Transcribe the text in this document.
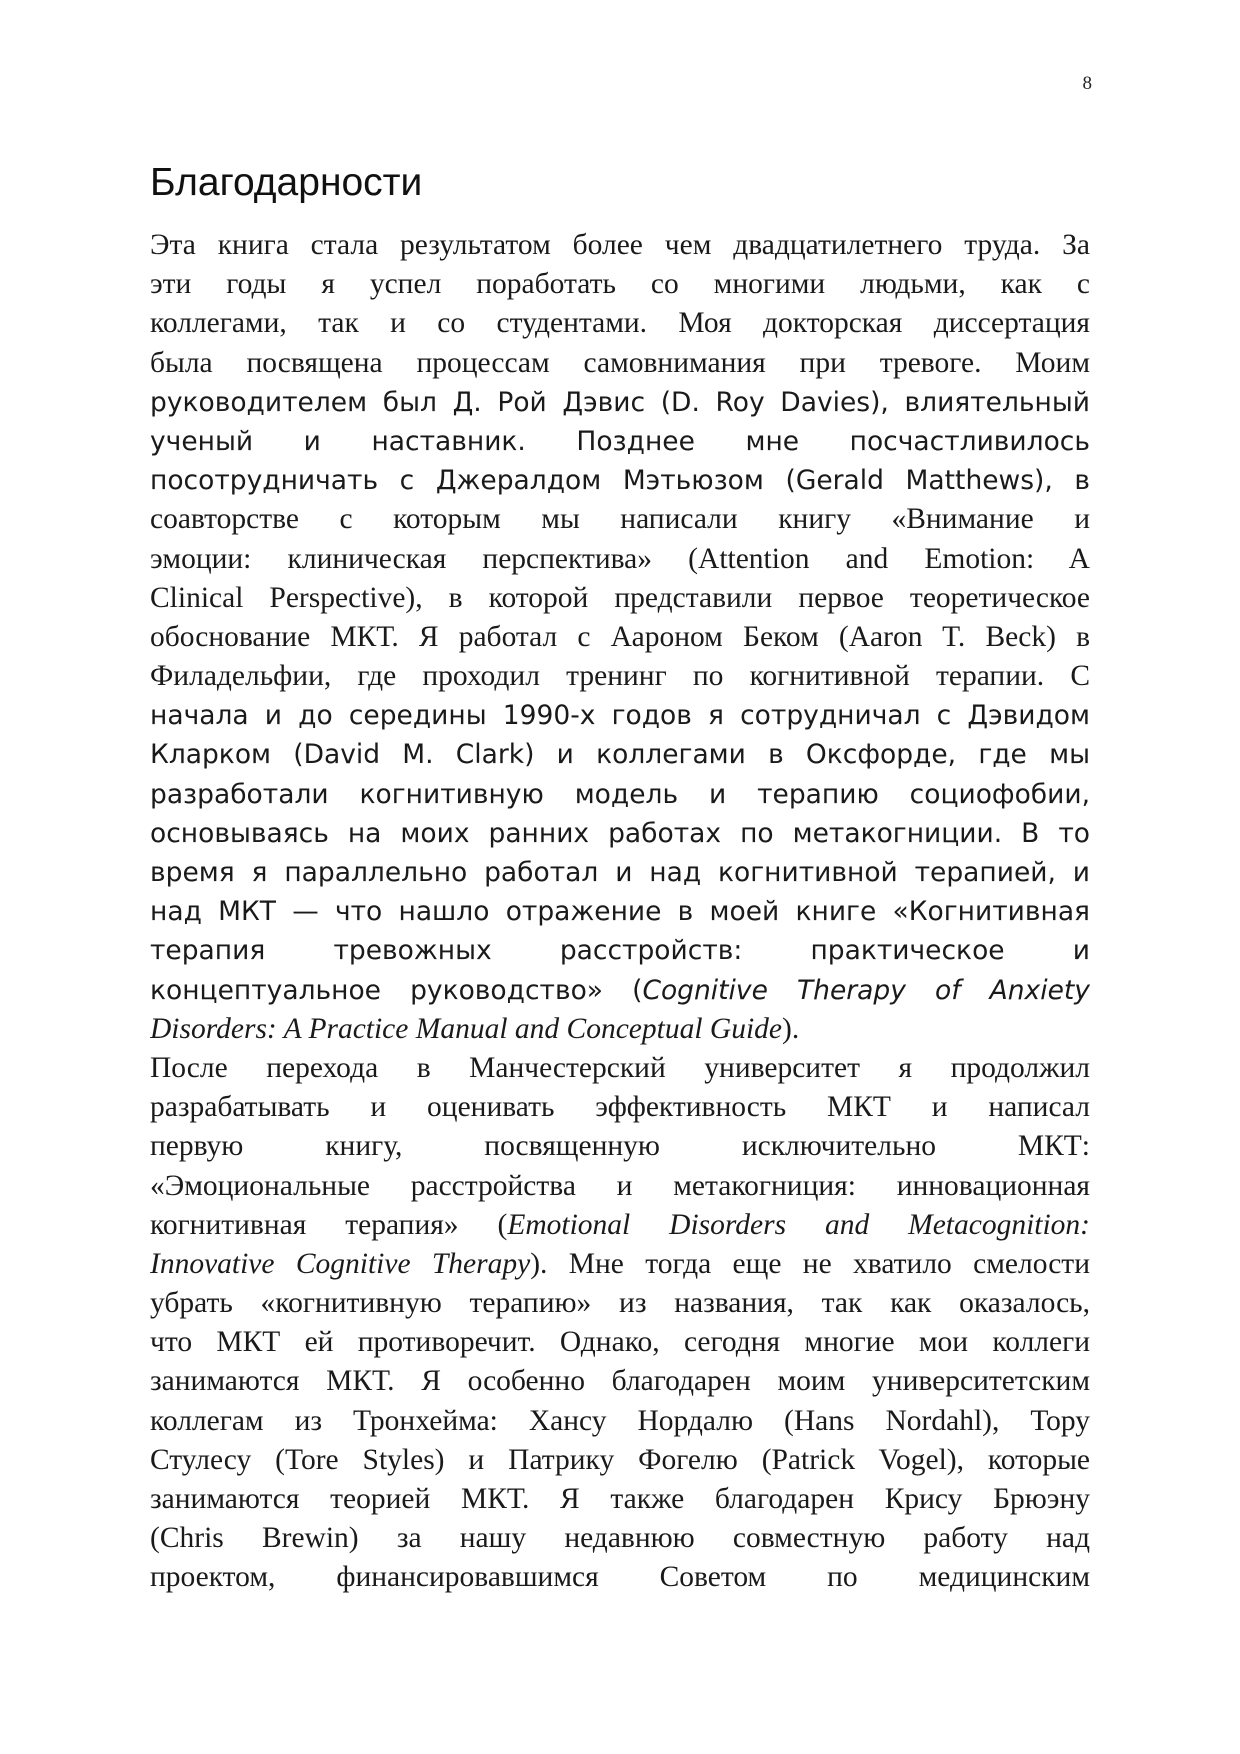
8
Благодарности
Эта книга стала результатом более чем двадцатилетнего труда. За
эти годы я успел поработать со многими людьми, как с
коллегами, так и со студентами. Моя докторская диссертация
была посвящена процессам самовнимания при тревоге. Моим
руководителем был Д. Рой Дэвис (D. Roy Davies), влиятельный
ученый и наставник. Позднее мне посчастливилось
посотрудничать с Джералдом Мэтьюзом (Gerald Matthews), в
соавторстве с которым мы написали книгу «Внимание и
эмоции: клиническая перспектива» (Attention and Emotion: A
Clinical Perspective), в которой представили первое теоретическое
обоснование МКТ. Я работал с Аароном Беком (Aaron T. Beck) в
Филадельфии, где проходил тренинг по когнитивной терапии. С
начала и до середины 1990-х годов я сотрудничал с Дэвидом
Кларком (David M. Clark) и коллегами в Оксфорде, где мы
разработали когнитивную модель и терапию социофобии,
основываясь на моих ранних работах по метакогниции. В то
время я параллельно работал и над когнитивной терапией, и
над МКТ — что нашло отражение в моей книге «Когнитивная
терапия тревожных расстройств: практическое и
концептуальное руководство» (Cognitive Therapy of Anxiety
Disorders: A Practice Manual and Conceptual Guide).
После перехода в Манчестерский университет я продолжил
разрабатывать и оценивать эффективность МКТ и написал
первую книгу, посвященную исключительно МКТ:
«Эмоциональные расстройства и метакогниция: инновационная
когнитивная терапия» (Emotional Disorders and Metacognition:
Innovative Cognitive Therapy). Мне тогда еще не хватило смелости
убрать «когнитивную терапию» из названия, так как оказалось,
что МКТ ей противоречит. Однако, сегодня многие мои коллеги
занимаются МКТ. Я особенно благодарен моим университетским
коллегам из Тронхейма: Хансу Нордалю (Hans Nordahl), Тору
Стулесу (Tore Styles) и Патрику Фогелю (Patrick Vogel), которые
занимаются теорией МКТ. Я также благодарен Крису Брюэну
(Chris Brewin) за нашу недавнюю совместную работу над
проектом, финансировавшимся Советом по медицинским
